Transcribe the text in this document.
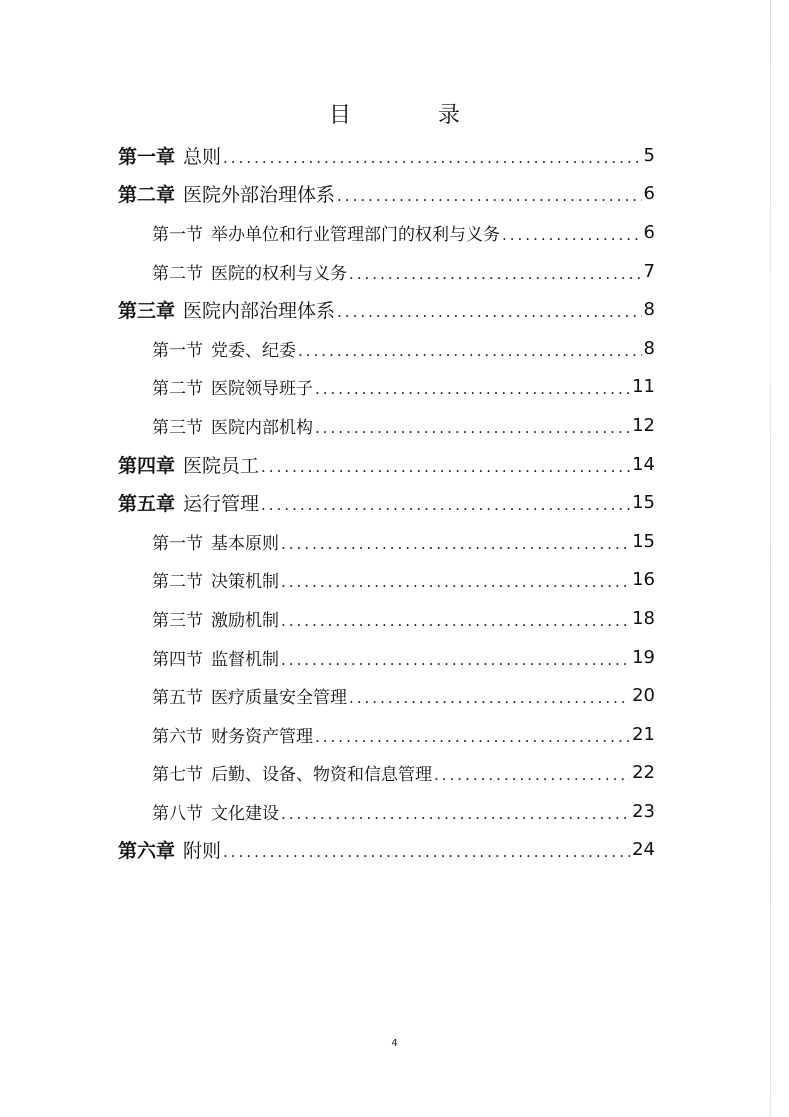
目 录
第一章 总则 .....	5
第二章 医院外部治理体系 .....	6
第一节 举办单位和行业管理部门的权利与义务 .....	6
第二节 医院的权利与义务 .....	7
第三章 医院内部治理体系 .....	8
第一节 党委、纪委 .....	8
第二节 医院领导班子 .....	11
第三节 医院内部机构 .....	12
第四章 医院员工 .....	14
第五章 运行管理 .....	15
第一节 基本原则 .....	15
第二节 决策机制 .....	16
第三节 激励机制 .....	18
第四节 监督机制 .....	19
第五节 医疗质量安全管理 .....	20
第六节 财务资产管理 .....	21
第七节 后勤、设备、物资和信息管理 .....	22
第八节 文化建设 .....	23
第六章 附则 .....	24
4
